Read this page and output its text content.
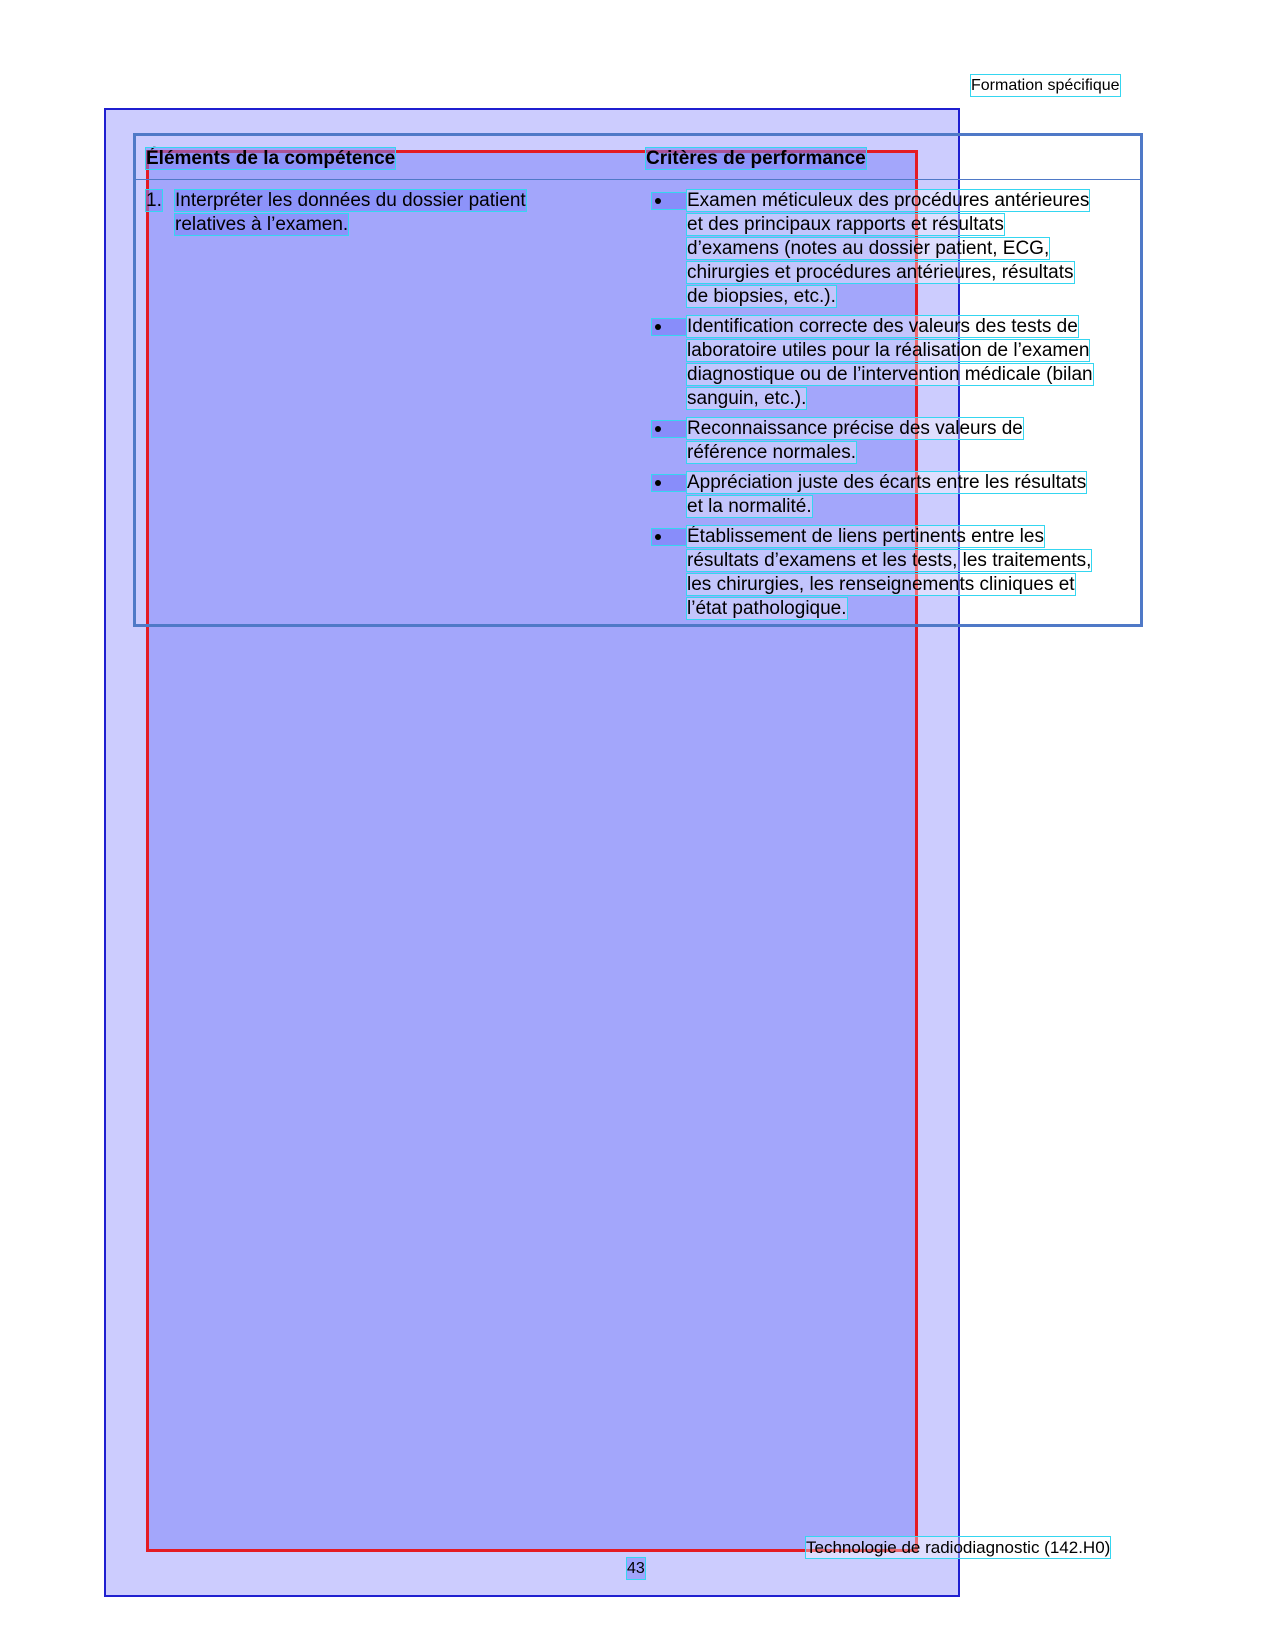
Formation spécifique
Éléments de la compétence	Critères de performance
1. Interpréter les données du dossier patient
relatives à l’examen.
Examen méticuleux des procédures antérieures
et des principaux rapports et résultats
d’examens (notes au dossier patient, ECG,
chirurgies et procédures antérieures, résultats
de biopsies, etc.).
Identification correcte des valeurs des tests de
laboratoire utiles pour la réalisation de l’examen
diagnostique ou de l’intervention médicale (bilan
sanguin, etc.).
Reconnaissance précise des valeurs de
référence normales.
Appréciation juste des écarts entre les résultats
et la normalité.
Établissement de liens pertinents entre les
résultats d’examens et les tests, les traitements,
les chirurgies, les renseignements cliniques et
l’état pathologique.
Technologie de radiodiagnostic (142.H0)
43
